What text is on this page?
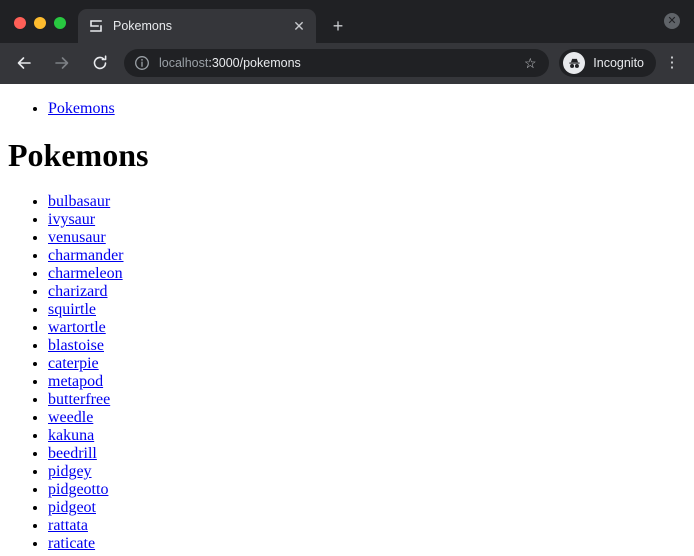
Pokemons	✕	+	✕
localhost:3000/pokemons	☆	Incognito ⋮
• Pokemons
Pokemons
• bulbasaur
• ivysaur
• venusaur
• charmander
• charmeleon
• charizard
• squirtle
• wartortle
• blastoise
• caterpie
• metapod
• butterfree
• weedle
• kakuna
• beedrill
• pidgey
• pidgeotto
• pidgeot
• rattata
• raticate
